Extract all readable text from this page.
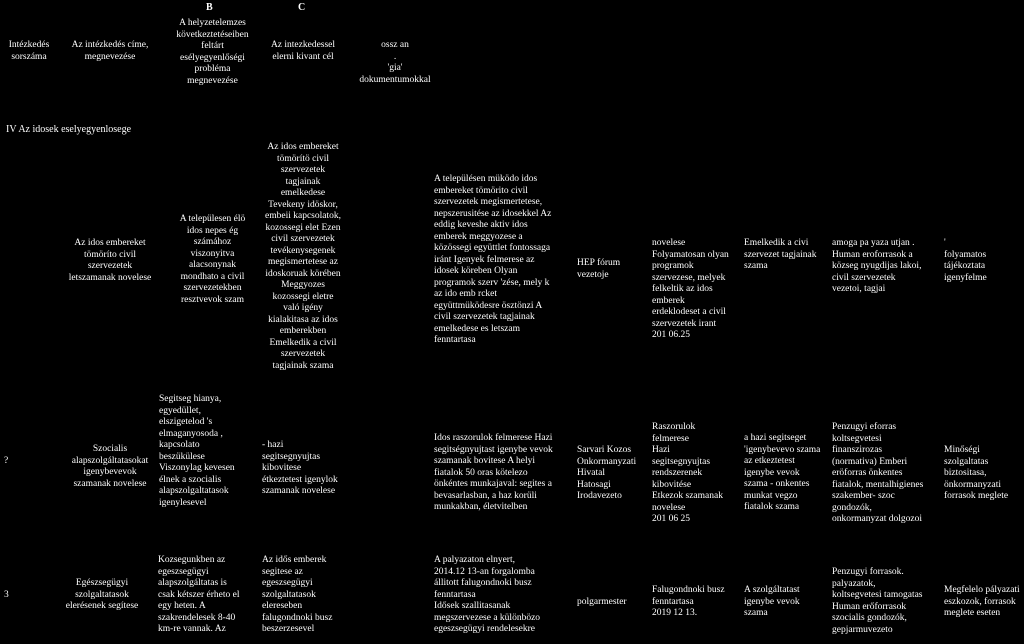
B	C
Intézkedés
sorszáma
Az intézkedés címe,
megnevezése
A helyzetelemzes
következtetéseiben
feltárt
esélyegyenlőségi
probléma
megnevezése
Az intezkedessel
elerni kivant cél
ossz an
.
'gia'
dokumentumokkal
IV Az idosek eselyegyenlosege
Az idos embereket
tömöríto civil
szervezetek
letszamanak novelese
A települesen élö
idos nepes ég
számához
viszonyitva
alacsonynak
mondhato a civil
szervezetekben
resztvevok szam
Az idos embereket
tömörítö civil
szervezetek
tagjainak
emelkedese
Tevekeny idöskor,
embeii kapcsolatok,
kozossegi elet Ezen
civil szervezetek
tevékenysegenek
megismertetese az
idoskoruak körében
Meggyozes
kozossegi eletre
való igény
kialakitasa az idos
emberekben
Emelkedik a civil
szervezetek
tagjainak szama
A településen müködo idos
embereket tömörito civil
szervezetek megismertetese,
nepszerusitése az idosekkel Az
eddig keveshe aktiv idos
emberek meggyozese a
közössegi együttlet fontossaga
iránt Igenyek felmerese az
idosek köreben Olyan
programok szerv 'zése, mely k
az ido emb rcket
együttmüködesre ösztönzi A
civil szervezetek tagjainak
emelkedese es letszam
fenntartasa
HEP fórum
vezetoje
novelese
Folyamatosan olyan
programok
szervezese, melyek
felkeltik az idos
emberek
erdeklodeset a civil
szervezetek irant
201 06.25
Emelkedik a civi
szervezet tagjainak
szama
amoga pa yaza utjan .
Human eroforrasok a
közseg nyugdijas lakoi,
civil szervezetek
vezetoi, tagjai
'
folyamatos
tájékoztata
igenyfelme
?
Szocialis
alapszolgáltatasokat
igenybevevok
szamanak novelese
Segitseg hianya,
egyedüllet,
elszigetelod 's
elmaganyosoda ,
kapcsolato
beszükülese
Viszonylag kevesen
élnek a szocialis
alapszolgaltatasok
igenylesevel
- hazi
segitsegnyujtas
kibovitese
étkeztetest igenylok
szamanak novelese
Idos raszorulok felmerese Hazi
segitségnyujtast igenybe vevok
szamanak bovitese A helyi
fiatalok 50 oras kötelezo
önkéntes munkajaval: segites a
bevasarlasban, a haz korüli
munkakban, életvitelben
Sarvari Kozos
Onkormanyzati
Hivatal
Hatosagi
Irodavezeto
Raszorulok
felmerese
Hazi
segitsegnyujtas
rendszerenek
kibovitése
Etkezok szamanak
novelese
201 06 25
a hazi segitseget
'igenybevevo szama
az etkeztetest
igenybe vevok
szama - onkentes
munkat vegzo
fiatalok szama
Penzugyi eforras
koltsegvetesi
finanszirozas
(normativa) Emberi
eröforras önkentes
fiatalok, mentalhigienes
szakember- szoc
gondozók,
onkormanyzat dolgozoi
Minőségi
szolgaltatas
biztositasa,
önkormanyzati
forrasok meglete
3
Egészsegügyi
szolgaltatasok
elerésenek segítese
Kozsegunkben az
egeszsegügyi
alapszolgáltatas is
csak kétszer érheto el
egy heten. A
szakrendelesek 8-40
km-re vannak. Az
Az idős emberek
segitese az
egeszsegügyi
szolgaltatasok
elereseben
falugondnoki busz
beszerzesevel
A palyazaton elnyert,
2014.12 13-an forgalomba
állitott falugondnoki busz
fenntartasa
Idősek szallitasanak
megszervezese a különbözo
egeszsegügyi rendelesekre
polgarmester
Falugondnoki busz
fenntartasa
2019 12 13.
A szolgáltatast
igenybe vevok
szama
Penzugyi forrasok.
palyazatok,
koltsegvetesi tamogatas
Human erőforrasok
szocialis gondozók,
gepjarmuvezeto
Megfelelo pályazati
eszkozok, forrasok
meglete eseten
